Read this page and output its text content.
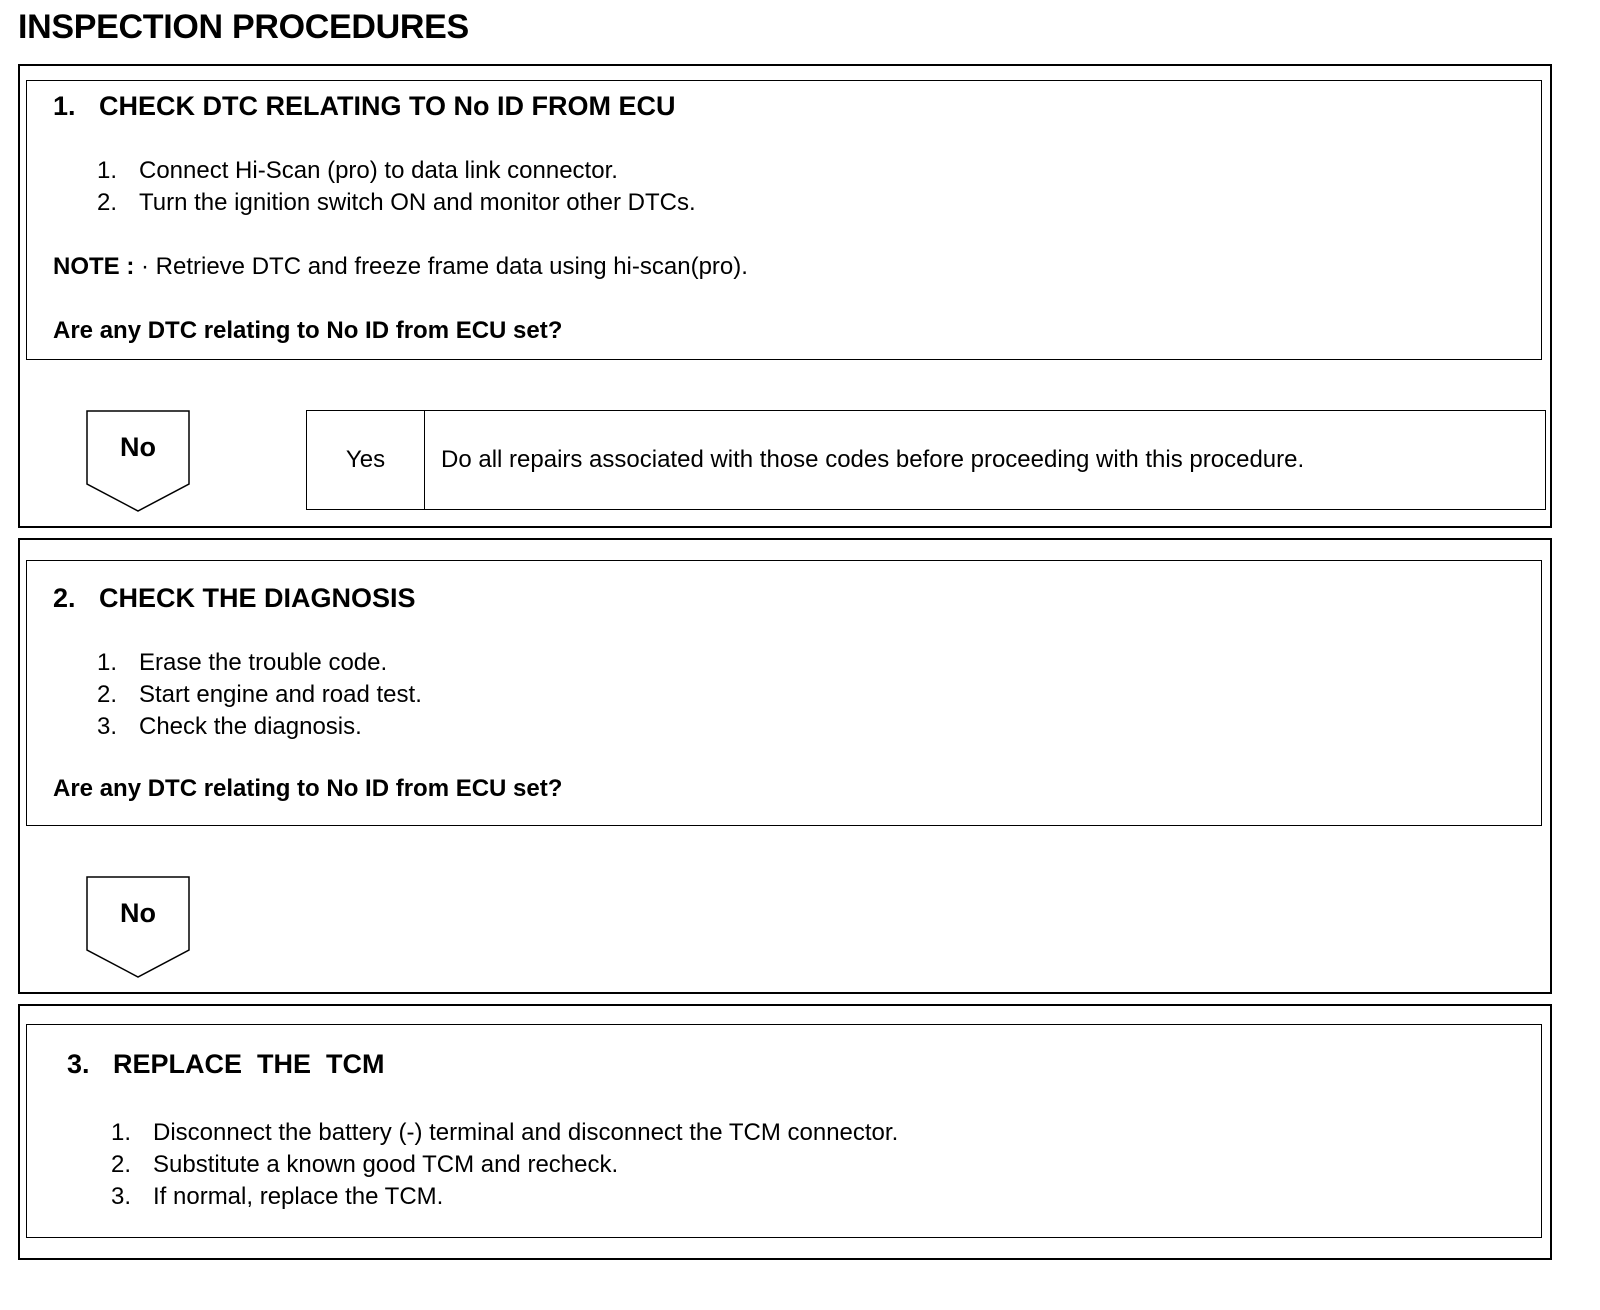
INSPECTION PROCEDURES
1. CHECK DTC RELATING TO No ID FROM ECU
1. Connect Hi-Scan (pro) to data link connector.
2. Turn the ignition switch ON and monitor other DTCs.
NOTE : · Retrieve DTC and freeze frame data using hi-scan(pro).
Are any DTC relating to No ID from ECU set?
No	Yes	Do all repairs associated with those codes before proceeding with this procedure.
2. CHECK THE DIAGNOSIS
1. Erase the trouble code.
2. Start engine and road test.
3. Check the diagnosis.
Are any DTC relating to No ID from ECU set?
No
3. REPLACE  THE  TCM
1. Disconnect the battery (-) terminal and disconnect the TCM connector.
2. Substitute a known good TCM and recheck.
3. If normal, replace the TCM.
